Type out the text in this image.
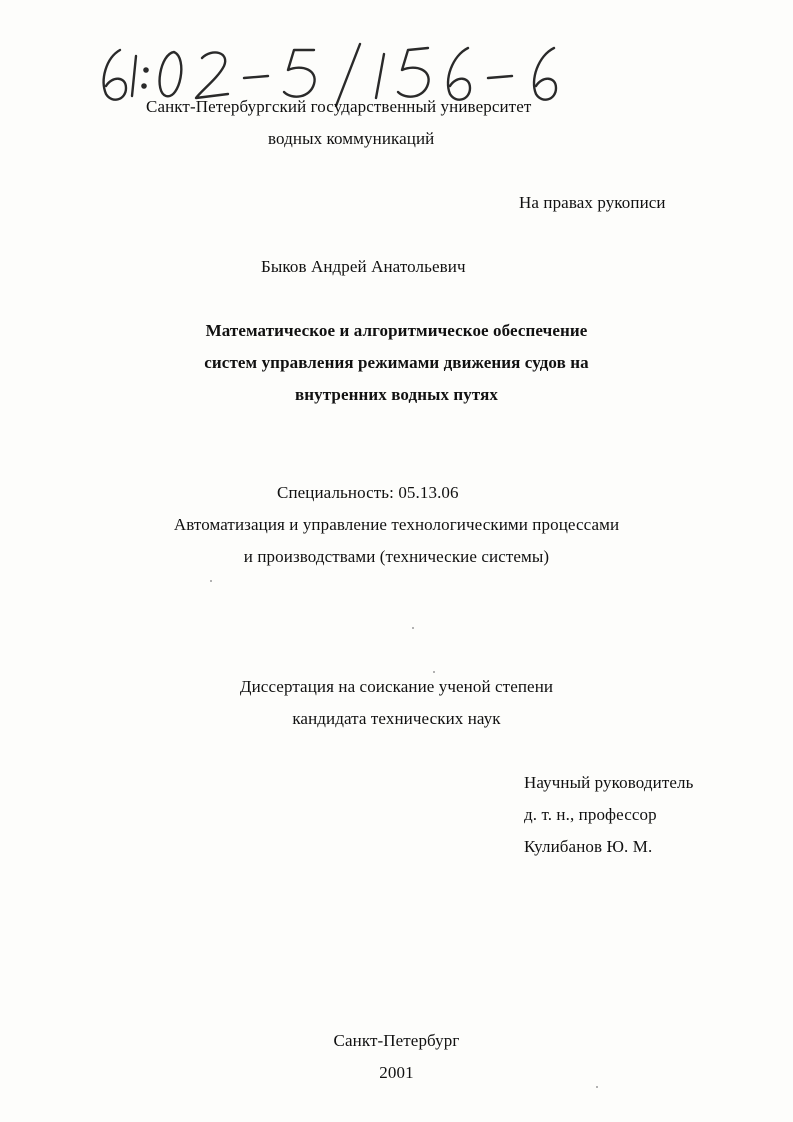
Санкт-Петербургский государственный университет
водных коммуникаций
На правах рукописи
Быков Андрей Анатольевич
Математическое и алгоритмическое обеспечение
систем управления режимами движения судов на
внутренних водных путях
Специальность: 05.13.06
Автоматизация и управление технологическими процессами
и производствами (технические системы)
Диссертация на соискание ученой степени
кандидата технических наук
Научный руководитель
д. т. н., профессор
Кулибанов Ю. М.
Санкт-Петербург
2001
